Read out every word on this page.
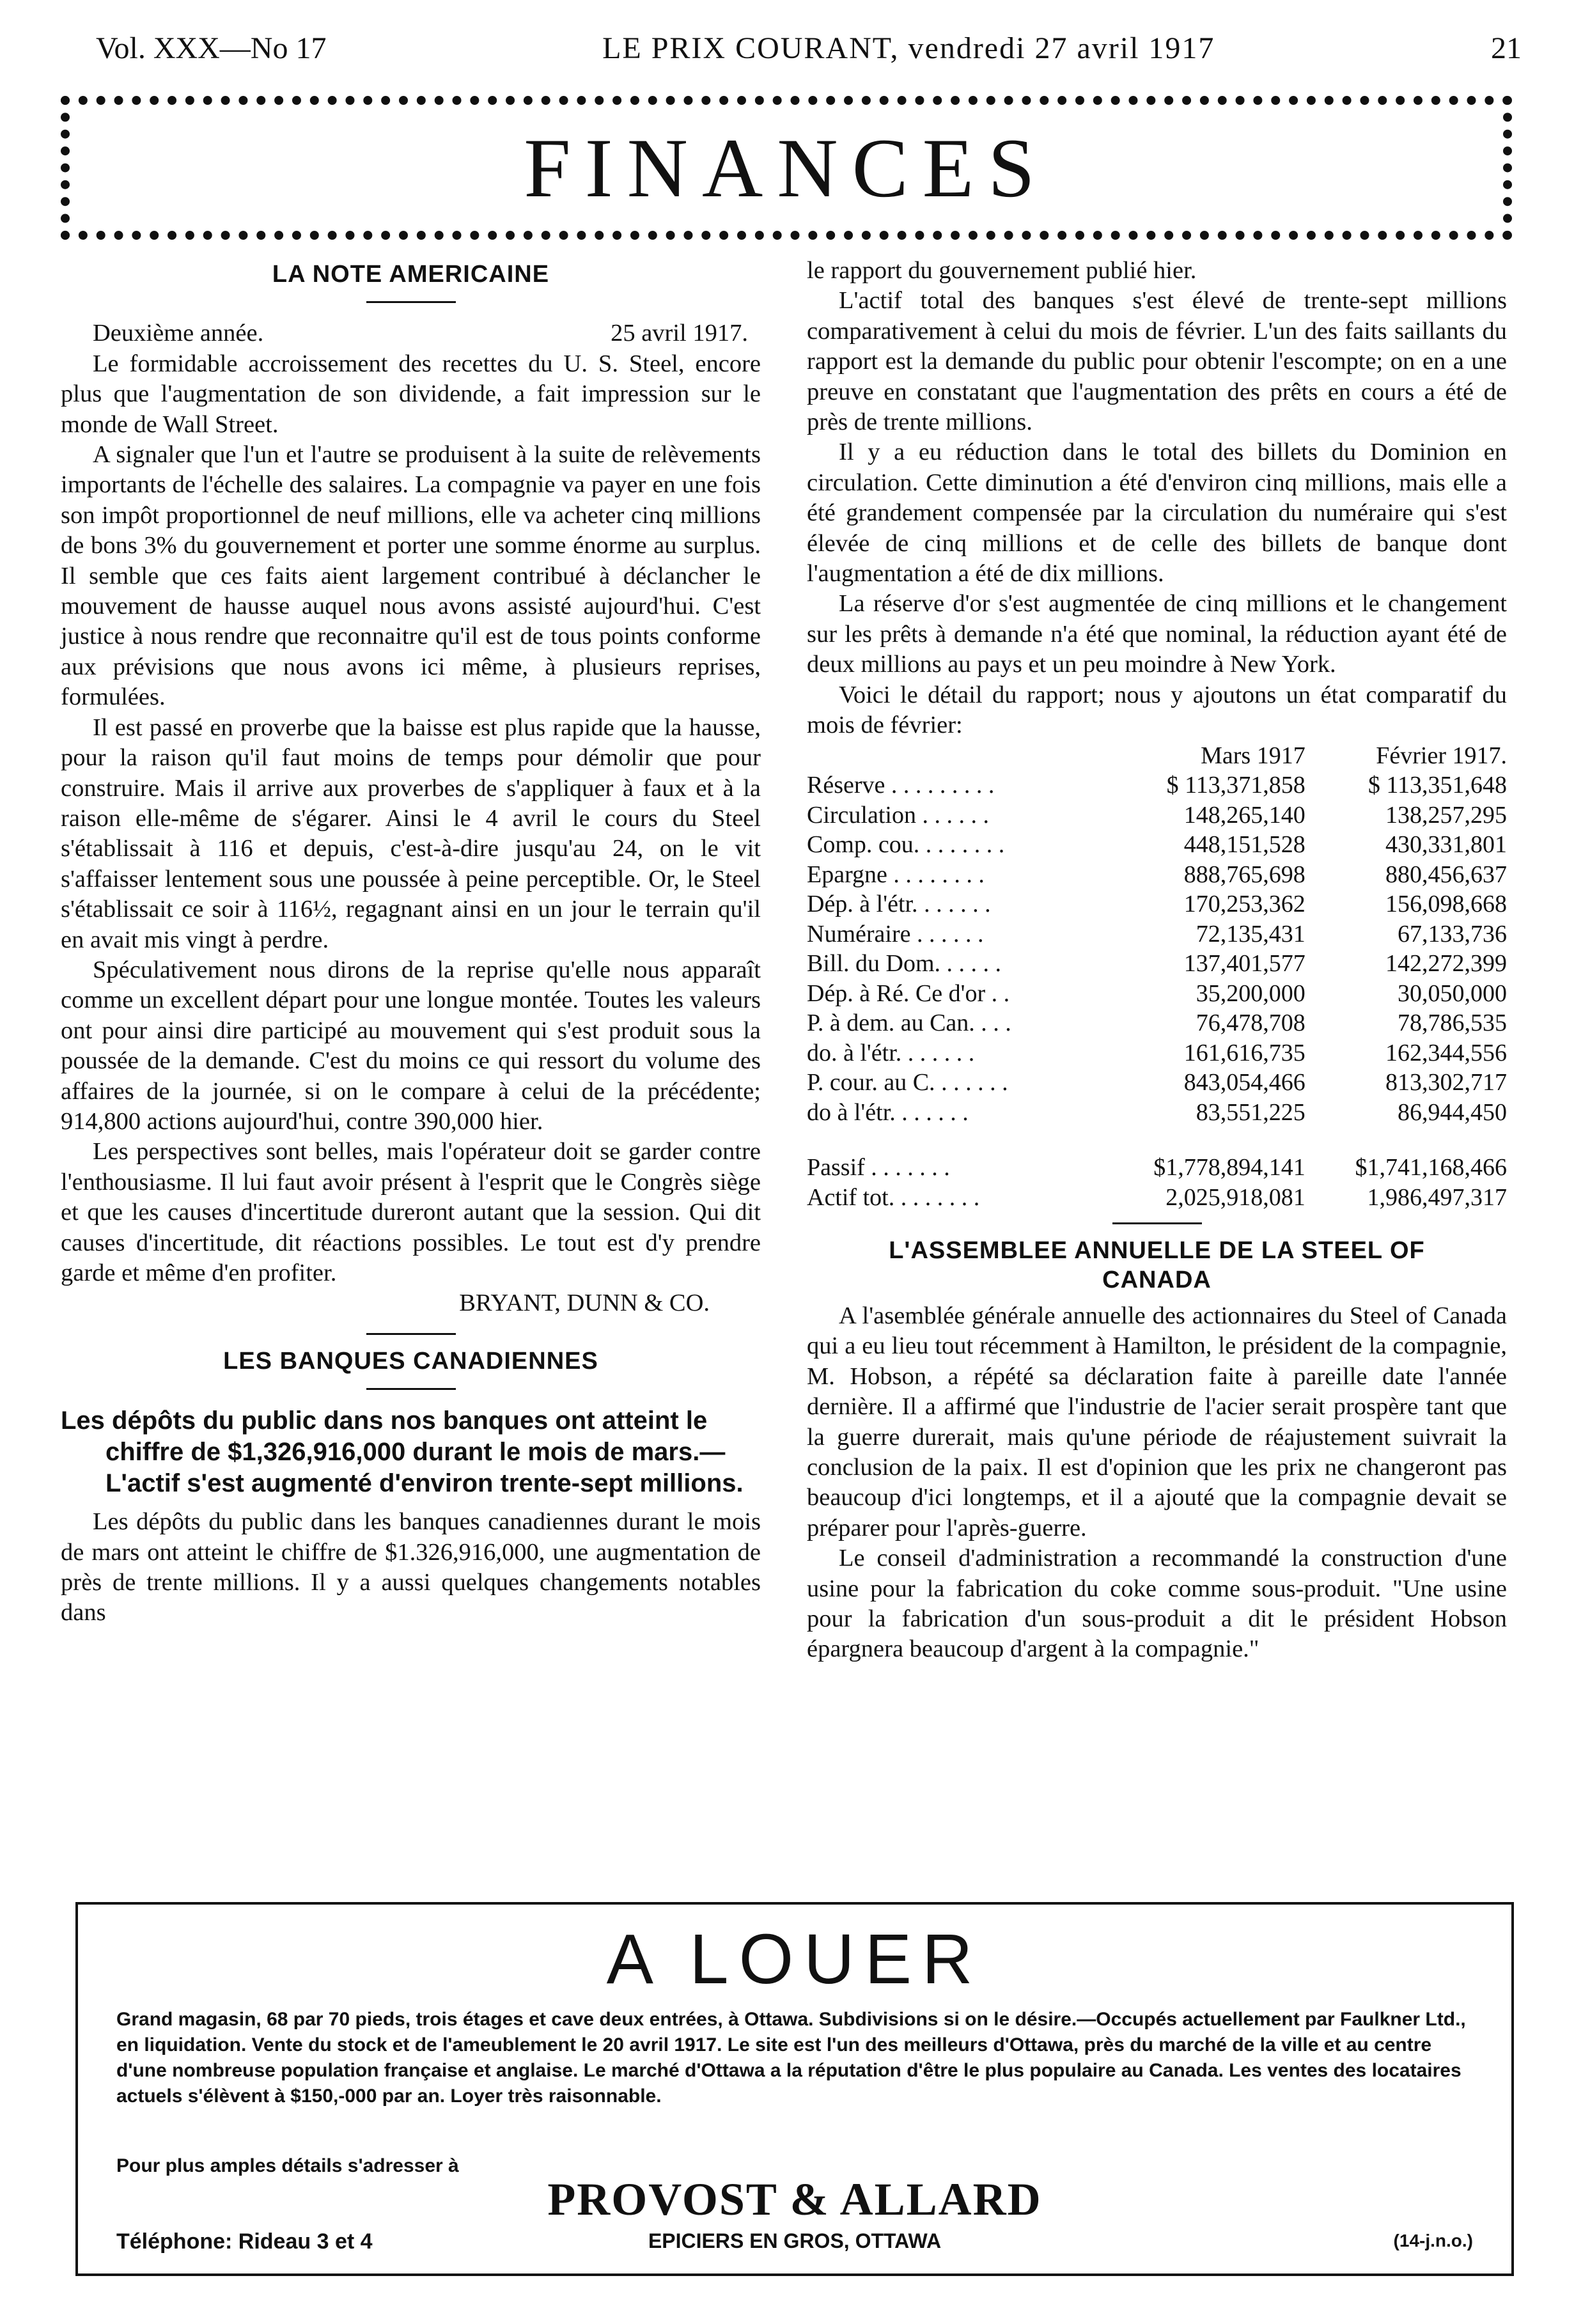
Vol. XXX—No 17	LE PRIX COURANT, vendredi 27 avril 1917	21
FINANCES
LA NOTE AMERICAINE
Deuxième année.	25 avril 1917.

Le formidable accroissement des recettes du U. S. Steel, encore plus que l'augmentation de son dividende, a fait impression sur le monde de Wall Street.

A signaler que l'un et l'autre se produisent à la suite de relèvements importants de l'échelle des salaires. La compagnie va payer en une fois son impôt proportionnel de neuf millions, elle va acheter cinq millions de bons 3% du gouvernement et porter une somme énorme au surplus. Il semble que ces faits aient largement contribué à déclancher le mouvement de hausse auquel nous avons assisté aujourd'hui. C'est justice à nous rendre que reconnaitre qu'il est de tous points conforme aux prévisions que nous avons ici même, à plusieurs reprises, formulées.

Il est passé en proverbe que la baisse est plus rapide que la hausse, pour la raison qu'il faut moins de temps pour démolir que pour construire. Mais il arrive aux proverbes de s'appliquer à faux et à la raison elle-même de s'égarer. Ainsi le 4 avril le cours du Steel s'établissait à 116 et depuis, c'est-à-dire jusqu'au 24, on le vit s'affaisser lentement sous une poussée à peine perceptible. Or, le Steel s'établissait ce soir à 116½, regagnant ainsi en un jour le terrain qu'il en avait mis vingt à perdre.

Spéculativement nous dirons de la reprise qu'elle nous apparaît comme un excellent départ pour une longue montée. Toutes les valeurs ont pour ainsi dire participé au mouvement qui s'est produit sous la poussée de la demande. C'est du moins ce qui ressort du volume des affaires de la journée, si on le compare à celui de la précédente; 914,800 actions aujourd'hui, contre 390,000 hier.

Les perspectives sont belles, mais l'opérateur doit se garder contre l'enthousiasme. Il lui faut avoir présent à l'esprit que le Congrès siège et que les causes d'incertitude dureront autant que la session. Qui dit causes d'incertitude, dit réactions possibles. Le tout est d'y prendre garde et même d'en profiter.

BRYANT, DUNN & CO.
LES BANQUES CANADIENNES
Les dépôts du public dans nos banques ont atteint le chiffre de $1,326,916,000 durant le mois de mars.— L'actif s'est augmenté d'environ trente-sept millions.

Les dépôts du public dans les banques canadiennes durant le mois de mars ont atteint le chiffre de $1.326,916,000, une augmentation de près de trente millions. Il y a aussi quelques changements notables dans

le rapport du gouvernement publié hier.

L'actif total des banques s'est élevé de trente-sept millions comparativement à celui du mois de février. L'un des faits saillants du rapport est la demande du public pour obtenir l'escompte; on en a une preuve en constatant que l'augmentation des prêts en cours a été de près de trente millions.

Il y a eu réduction dans le total des billets du Dominion en circulation. Cette diminution a été d'environ cinq millions, mais elle a été grandement compensée par la circulation du numéraire qui s'est élevée de cinq millions et de celle des billets de banque dont l'augmentation a été de dix millions.

La réserve d'or s'est augmentée de cinq millions et le changement sur les prêts à demande n'a été que nominal, la réduction ayant été de deux millions au pays et un peu moindre à New York.

Voici le détail du rapport; nous y ajoutons un état comparatif du mois de février:

		Mars 1917	Février 1917.
Réserve . . . . . . . . .		$ 113,371,858	$ 113,351,648
Circulation . . . . . .		148,265,140	138,257,295
Comp. cou. . . . . . . .		448,151,528	430,331,801
Epargne . . . . . . . .		888,765,698	880,456,637
Dép. à l'étr. . . . . . .		170,253,362	156,098,668
Numéraire . . . . . .		72,135,431	67,133,736
Bill. du Dom. . . . . .		137,401,577	142,272,399
Dép. à Ré. Ce d'or . .		35,200,000	30,050,000
P. à dem. au Can. . . .		76,478,708	78,786,535
do. à l'étr. . . . . . .		161,616,735	162,344,556
P. cour. au C. . . . . . .		843,054,466	813,302,717
do à l'étr. . . . . . .		83,551,225	86,944,450

Passif . . . . . . .		$1,778,894,141	$1,741,168,466
Actif tot. . . . . . . .		2,025,918,081	1,986,497,317
L'ASSEMBLEE ANNUELLE DE LA STEEL OF CANADA

A l'asemblée générale annuelle des actionnaires du Steel of Canada qui a eu lieu tout récemment à Hamilton, le président de la compagnie, M. Hobson, a répété sa déclaration faite à pareille date l'année dernière. Il a affirmé que l'industrie de l'acier serait prospère tant que la guerre durerait, mais qu'une période de réajustement suivrait la conclusion de la paix. Il est d'opinion que les prix ne changeront pas beaucoup d'ici longtemps, et il a ajouté que la compagnie devait se préparer pour l'après-guerre.

Le conseil d'administration a recommandé la construction d'une usine pour la fabrication du coke comme sous-produit. "Une usine pour la fabrication d'un sous-produit a dit le président Hobson épargnera beaucoup d'argent à la compagnie."

A LOUER
Grand magasin, 68 par 70 pieds, trois étages et cave deux entrées, à Ottawa. Subdivisions si on le désire.—Occupés actuellement par Faulkner Ltd., en liquidation. Vente du stock et de l'ameublement le 20 avril 1917. Le site est l'un des meilleurs d'Ottawa, près du marché de la ville et au centre d'une nombreuse population française et anglaise. Le marché d'Ottawa a la réputation d'être le plus populaire au Canada. Les ventes des locataires actuels s'élèvent à $150,-000 par an. Loyer très raisonnable.
Pour plus amples détails s'adresser à
PROVOST & ALLARD
Téléphone: Rideau 3 et 4	EPICIERS EN GROS, OTTAWA	(14-j.n.o.)
